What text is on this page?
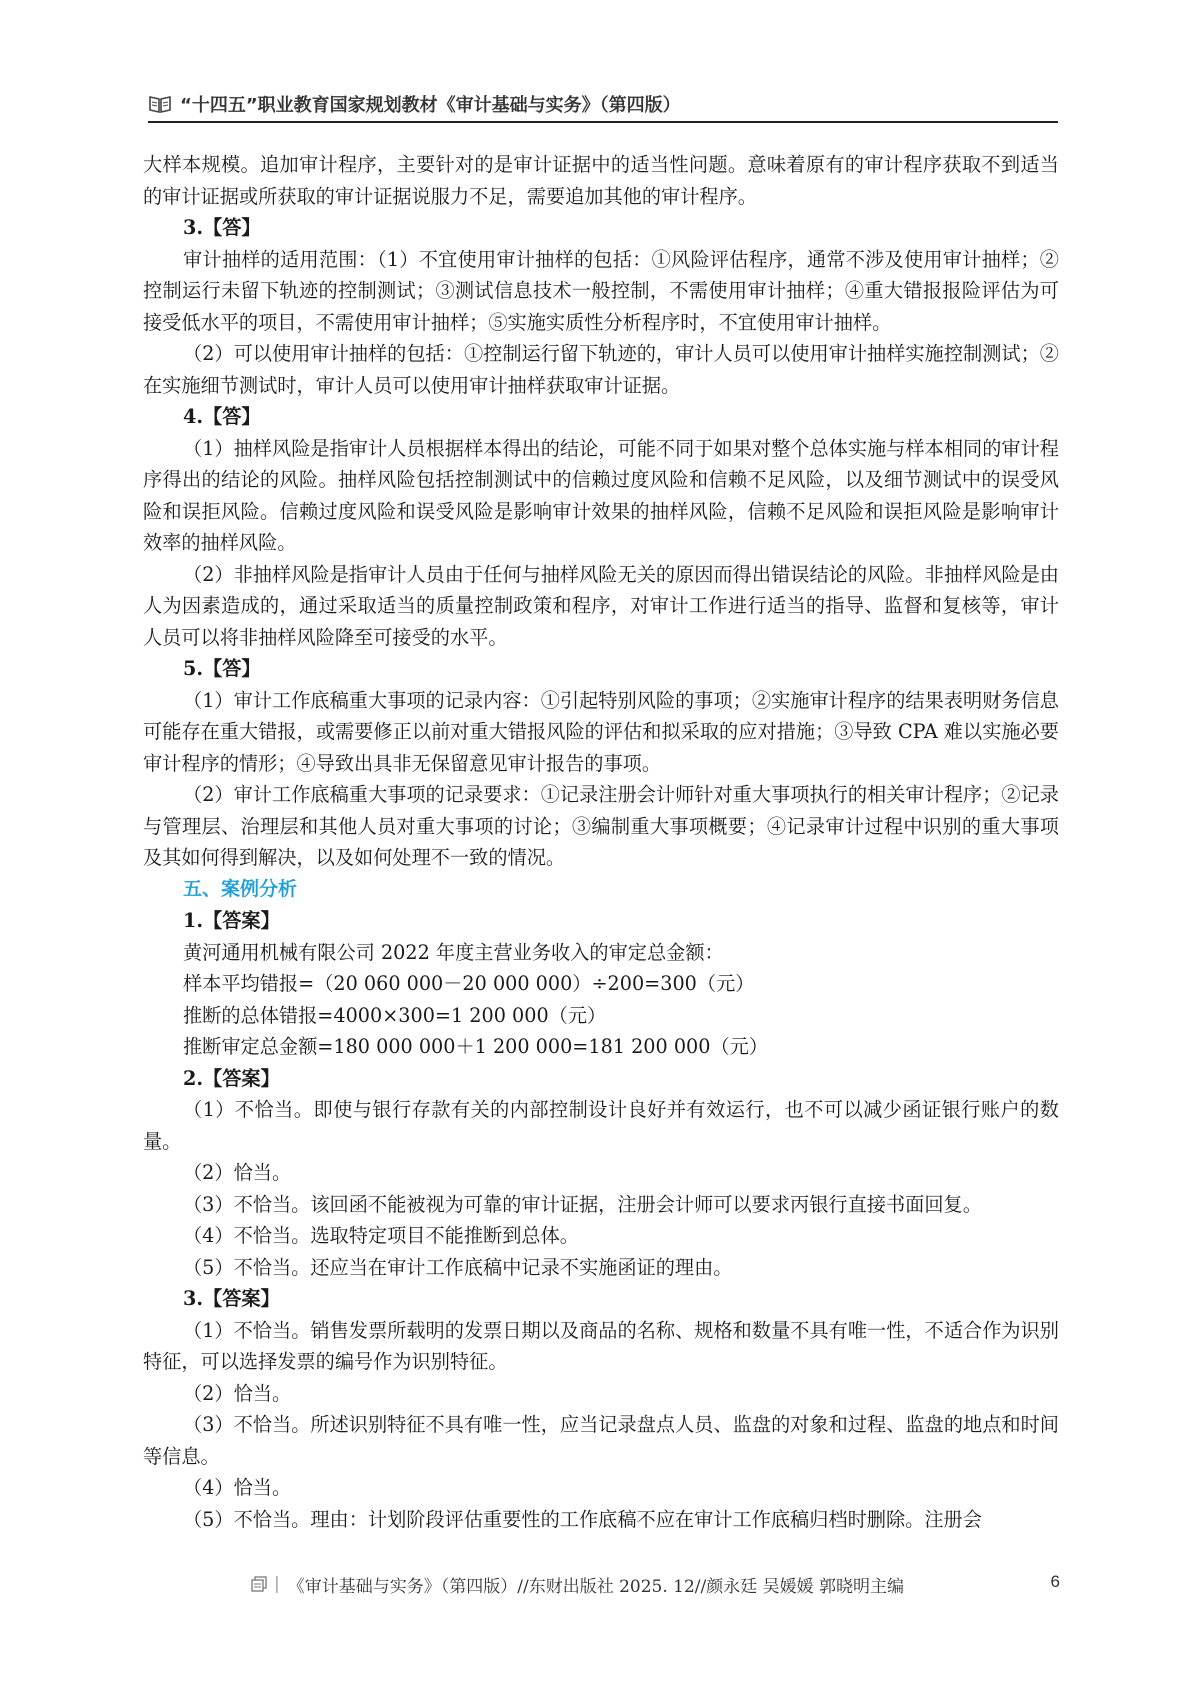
“十四五”职业教育国家规划教材《审计基础与实务》（第四版）

大样本规模。追加审计程序，主要针对的是审计证据中的适当性问题。意味着原有的审计程序获取不到适当的审计证据或所获取的审计证据说服力不足，需要追加其他的审计程序。

3.【答】

审计抽样的适用范围：（1）不宜使用审计抽样的包括：①风险评估程序，通常不涉及使用审计抽样；②控制运行未留下轨迹的控制测试；③测试信息技术一般控制，不需使用审计抽样；④重大错报报险评估为可接受低水平的项目，不需使用审计抽样；⑤实施实质性分析程序时，不宜使用审计抽样。

（2）可以使用审计抽样的包括：①控制运行留下轨迹的，审计人员可以使用审计抽样实施控制测试；②在实施细节测试时，审计人员可以使用审计抽样获取审计证据。

4.【答】

（1）抽样风险是指审计人员根据样本得出的结论，可能不同于如果对整个总体实施与样本相同的审计程序得出的结论的风险。抽样风险包括控制测试中的信赖过度风险和信赖不足风险，以及细节测试中的误受风险和误拒风险。信赖过度风险和误受风险是影响审计效果的抽样风险，信赖不足风险和误拒风险是影响审计效率的抽样风险。

（2）非抽样风险是指审计人员由于任何与抽样风险无关的原因而得出错误结论的风险。非抽样风险是由人为因素造成的，通过采取适当的质量控制政策和程序，对审计工作进行适当的指导、监督和复核等，审计人员可以将非抽样风险降至可接受的水平。

5.【答】

（1）审计工作底稿重大事项的记录内容：①引起特别风险的事项；②实施审计程序的结果表明财务信息可能存在重大错报，或需要修正以前对重大错报风险的评估和拟采取的应对措施；③导致 CPA 难以实施必要审计程序的情形；④导致出具非无保留意见审计报告的事项。

（2）审计工作底稿重大事项的记录要求：①记录注册会计师针对重大事项执行的相关审计程序；②记录与管理层、治理层和其他人员对重大事项的讨论；③编制重大事项概要；④记录审计过程中识别的重大事项及其如何得到解决，以及如何处理不一致的情况。

五、案例分析

1.【答案】

黄河通用机械有限公司 2022 年度主营业务收入的审定总金额：

样本平均错报=（20 060 000－20 000 000）÷200=300（元）

推断的总体错报=4000×300=1 200 000（元）

推断审定总金额=180 000 000＋1 200 000=181 200 000（元）

2.【答案】

（1）不恰当。即使与银行存款有关的内部控制设计良好并有效运行，也不可以减少函证银行账户的数量。

（2）恰当。

（3）不恰当。该回函不能被视为可靠的审计证据，注册会计师可以要求丙银行直接书面回复。

（4）不恰当。选取特定项目不能推断到总体。

（5）不恰当。还应当在审计工作底稿中记录不实施函证的理由。

3.【答案】

（1）不恰当。销售发票所载明的发票日期以及商品的名称、规格和数量不具有唯一性，不适合作为识别特征，可以选择发票的编号作为识别特征。

（2）恰当。

（3）不恰当。所述识别特征不具有唯一性，应当记录盘点人员、监盘的对象和过程、监盘的地点和时间等信息。

（4）恰当。

（5）不恰当。理由：计划阶段评估重要性的工作底稿不应在审计工作底稿归档时删除。注册会

| 《审计基础与实务》（第四版）//东财出版社 2025. 12//颜永廷 吴媛媛 郭晓明主编	6
